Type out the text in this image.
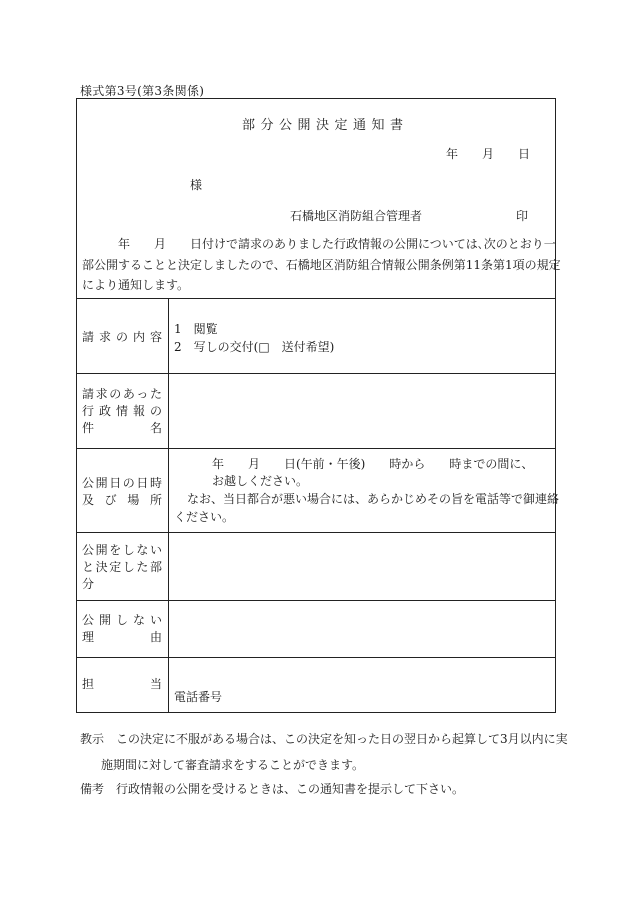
様式第3号(第3条関係)
部分公開決定通知書
年 月 日
様
石橋地区消防組合管理者	印
年　　月　　日付けで請求のありました行政情報の公開については､次のとおり一
部公開することと決定しましたので、石橋地区消防組合情報公開条例第11条第1項の規定
により通知します。
請求の内容
1　閲覧
2　写しの交付(□　送付希望)
請求のあった
行政情報の
件名
公開日の日時
及び場所
年　　月　　日(午前・午後)　　時から　　時までの間に、
お越しください。
なお、当日都合が悪い場合には、あらかじめその旨を電話等で御連絡
ください。
公開をしない
と決定した部
分
公開しない
理由
担当
電話番号
教示　この決定に不服がある場合は、この決定を知った日の翌日から起算して3月以内に実
施期間に対して審査請求をすることができます。
備考　行政情報の公開を受けるときは、この通知書を提示して下さい。
